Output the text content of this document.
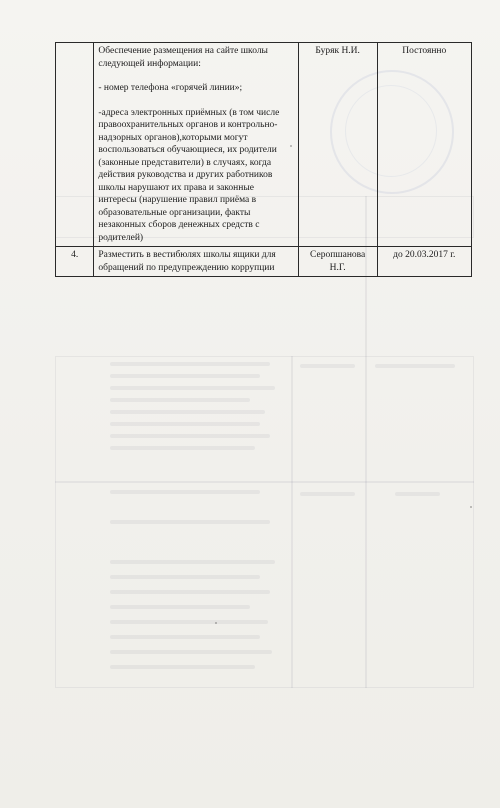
	Обеспечение размещения на сайте школы следующей информации:

- номер телефона «горячей линии»;

-адреса электронных приёмных (в том числе правоохранительных органов и контрольно-надзорных органов),которыми могут воспользоваться обучающиеся, их родители (законные представители) в случаях, когда действия руководства и других работников школы нарушают их права и законные интересы (нарушение правил приёма в образовательные организации, факты незаконных сборов денежных средств с родителей)	Буряк Н.И.	Постоянно
4.	Разместить в вестибюлях школы ящики для обращений по предупреждению коррупции	Серопшанова Н.Г.	до 20.03.2017 г.
